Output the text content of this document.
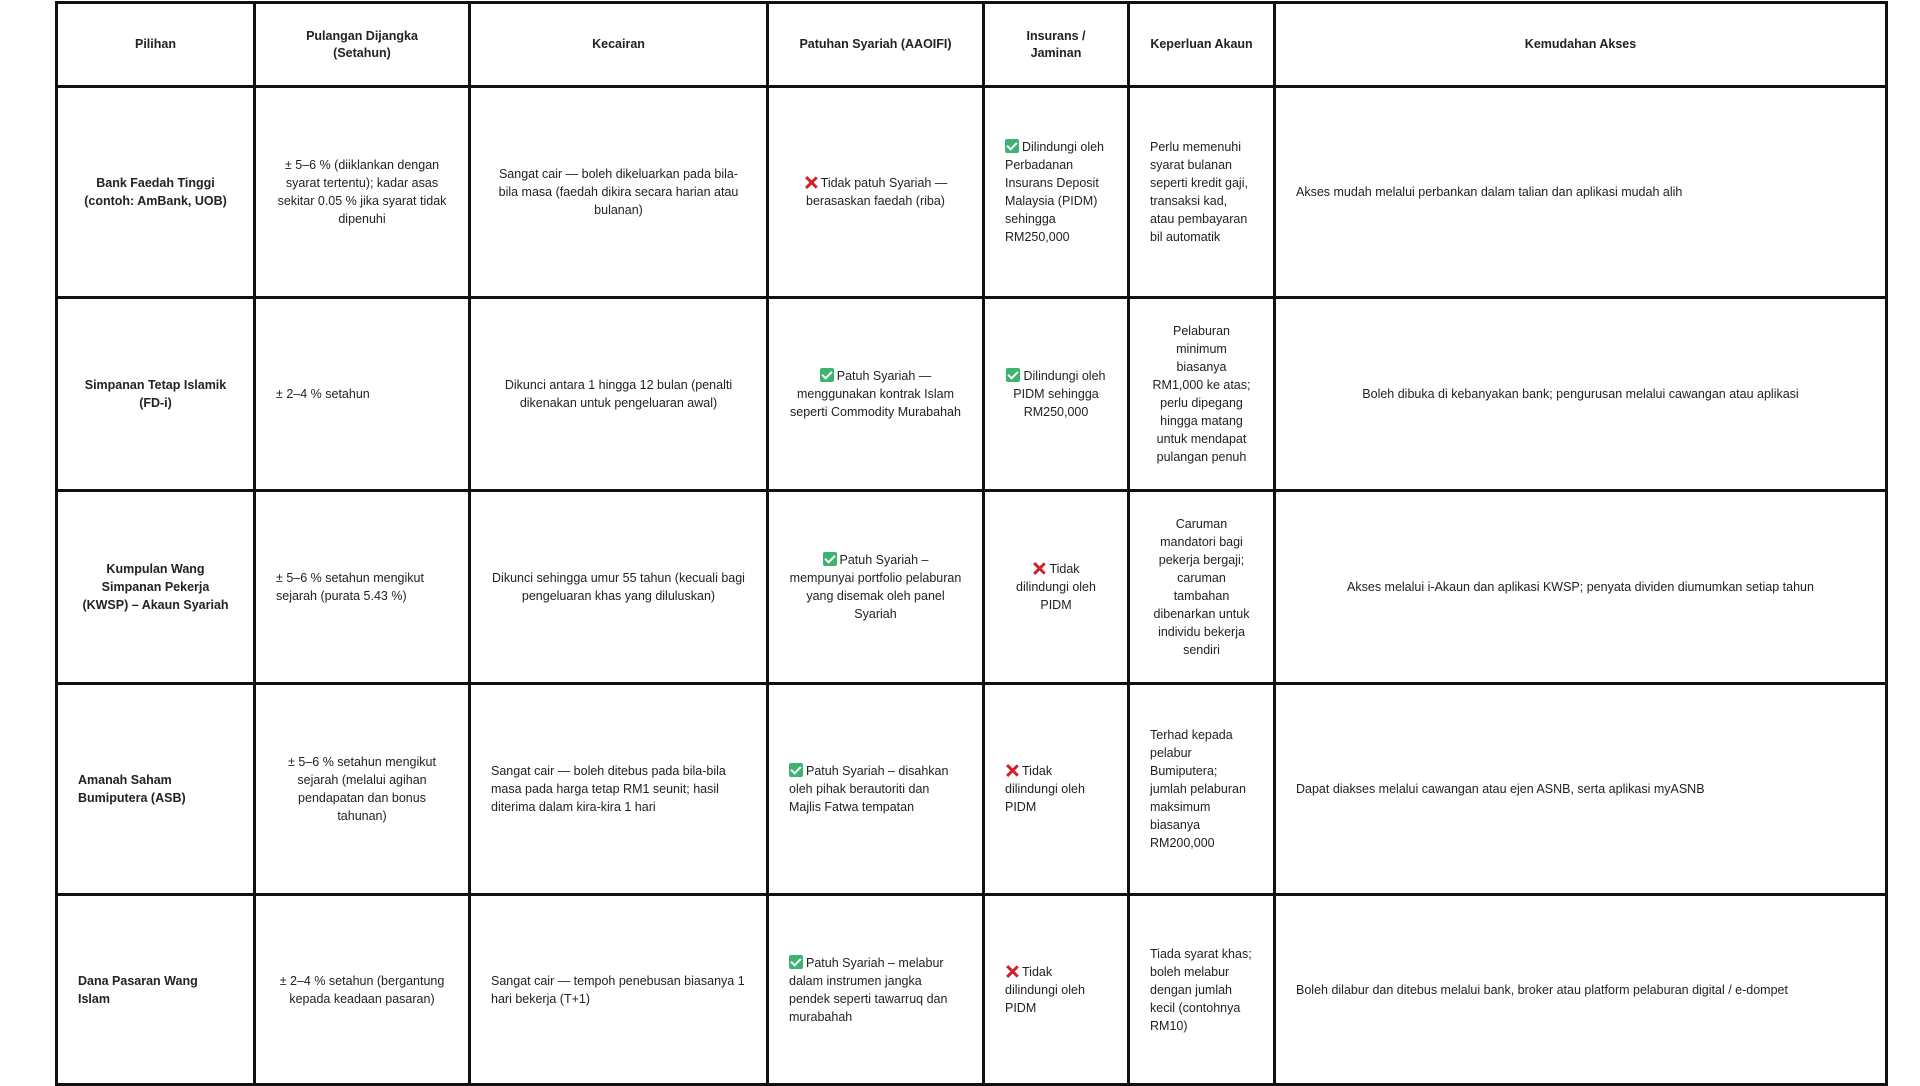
Pilihan	Pulangan Dijangka (Setahun)	Kecairan	Patuhan Syariah (AAOIFI)	Insurans / Jaminan	Keperluan Akaun	Kemudahan Akses
Bank Faedah Tinggi (contoh: AmBank, UOB)	± 5–6 % (diiklankan dengan syarat tertentu); kadar asas sekitar 0.05 % jika syarat tidak dipenuhi	Sangat cair — boleh dikeluarkan pada bila-bila masa (faedah dikira secara harian atau bulanan)	Tidak patuh Syariah — berasaskan faedah (riba)	Dilindungi oleh Perbadanan Insurans Deposit Malaysia (PIDM) sehingga RM250,000	Perlu memenuhi syarat bulanan seperti kredit gaji, transaksi kad, atau pembayaran bil automatik	Akses mudah melalui perbankan dalam talian dan aplikasi mudah alih
Simpanan Tetap Islamik (FD-i)	± 2–4 % setahun	Dikunci antara 1 hingga 12 bulan (penalti dikenakan untuk pengeluaran awal)	Patuh Syariah — menggunakan kontrak Islam seperti Commodity Murabahah	Dilindungi oleh PIDM sehingga RM250,000	Pelaburan minimum biasanya RM1,000 ke atas; perlu dipegang hingga matang untuk mendapat pulangan penuh	Boleh dibuka di kebanyakan bank; pengurusan melalui cawangan atau aplikasi
Kumpulan Wang Simpanan Pekerja (KWSP) – Akaun Syariah	± 5–6 % setahun mengikut sejarah (purata 5.43 %)	Dikunci sehingga umur 55 tahun (kecuali bagi pengeluaran khas yang diluluskan)	Patuh Syariah – mempunyai portfolio pelaburan yang disemak oleh panel Syariah	Tidak dilindungi oleh PIDM	Caruman mandatori bagi pekerja bergaji; caruman tambahan dibenarkan untuk individu bekerja sendiri	Akses melalui i-Akaun dan aplikasi KWSP; penyata dividen diumumkan setiap tahun
Amanah Saham Bumiputera (ASB)	± 5–6 % setahun mengikut sejarah (melalui agihan pendapatan dan bonus tahunan)	Sangat cair — boleh ditebus pada bila-bila masa pada harga tetap RM1 seunit; hasil diterima dalam kira-kira 1 hari	Patuh Syariah – disahkan oleh pihak berautoriti dan Majlis Fatwa tempatan	Tidak dilindungi oleh PIDM	Terhad kepada pelabur Bumiputera; jumlah pelaburan maksimum biasanya RM200,000	Dapat diakses melalui cawangan atau ejen ASNB, serta aplikasi myASNB
Dana Pasaran Wang Islam	± 2–4 % setahun (bergantung kepada keadaan pasaran)	Sangat cair — tempoh penebusan biasanya 1 hari bekerja (T+1)	Patuh Syariah – melabur dalam instrumen jangka pendek seperti tawarruq dan murabahah	Tidak dilindungi oleh PIDM	Tiada syarat khas; boleh melabur dengan jumlah kecil (contohnya RM10)	Boleh dilabur dan ditebus melalui bank, broker atau platform pelaburan digital / e-dompet
